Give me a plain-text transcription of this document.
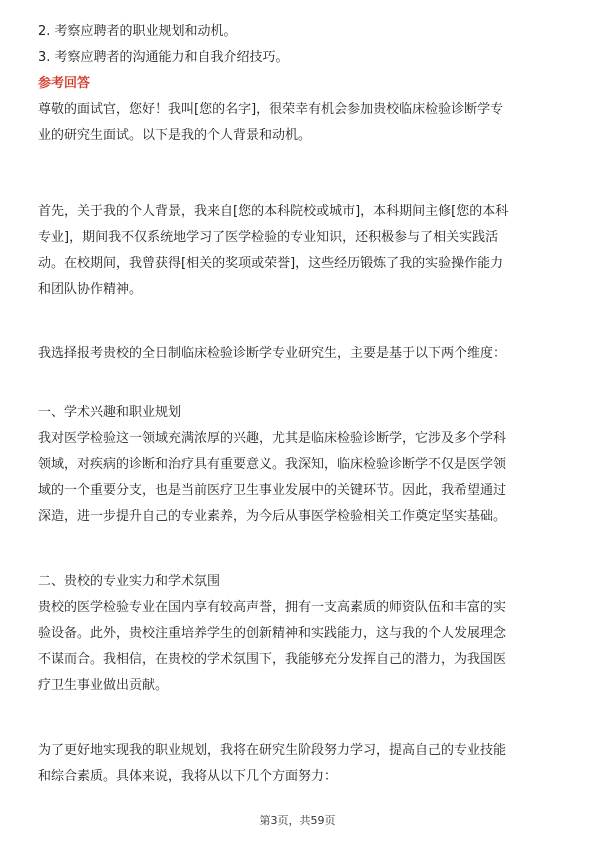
2. 考察应聘者的职业规划和动机。

3. 考察应聘者的沟通能力和自我介绍技巧。

参考回答

尊敬的面试官，您好！我叫[您的名字]，很荣幸有机会参加贵校临床检验诊断学专

业的研究生面试。以下是我的个人背景和动机。

首先，关于我的个人背景，我来自[您的本科院校或城市]，本科期间主修[您的本科

专业]，期间我不仅系统地学习了医学检验的专业知识，还积极参与了相关实践活

动。在校期间，我曾获得[相关的奖项或荣誉]，这些经历锻炼了我的实验操作能力

和团队协作精神。

我选择报考贵校的全日制临床检验诊断学专业研究生，主要是基于以下两个维度：

一、学术兴趣和职业规划

我对医学检验这一领域充满浓厚的兴趣，尤其是临床检验诊断学，它涉及多个学科

领域，对疾病的诊断和治疗具有重要意义。我深知，临床检验诊断学不仅是医学领

域的一个重要分支，也是当前医疗卫生事业发展中的关键环节。因此，我希望通过

深造，进一步提升自己的专业素养，为今后从事医学检验相关工作奠定坚实基础。

二、贵校的专业实力和学术氛围

贵校的医学检验专业在国内享有较高声誉，拥有一支高素质的师资队伍和丰富的实

验设备。此外，贵校注重培养学生的创新精神和实践能力，这与我的个人发展理念

不谋而合。我相信，在贵校的学术氛围下，我能够充分发挥自己的潜力，为我国医

疗卫生事业做出贡献。

为了更好地实现我的职业规划，我将在研究生阶段努力学习，提高自己的专业技能

和综合素质。具体来说，我将从以下几个方面努力：

第3页，共59页
